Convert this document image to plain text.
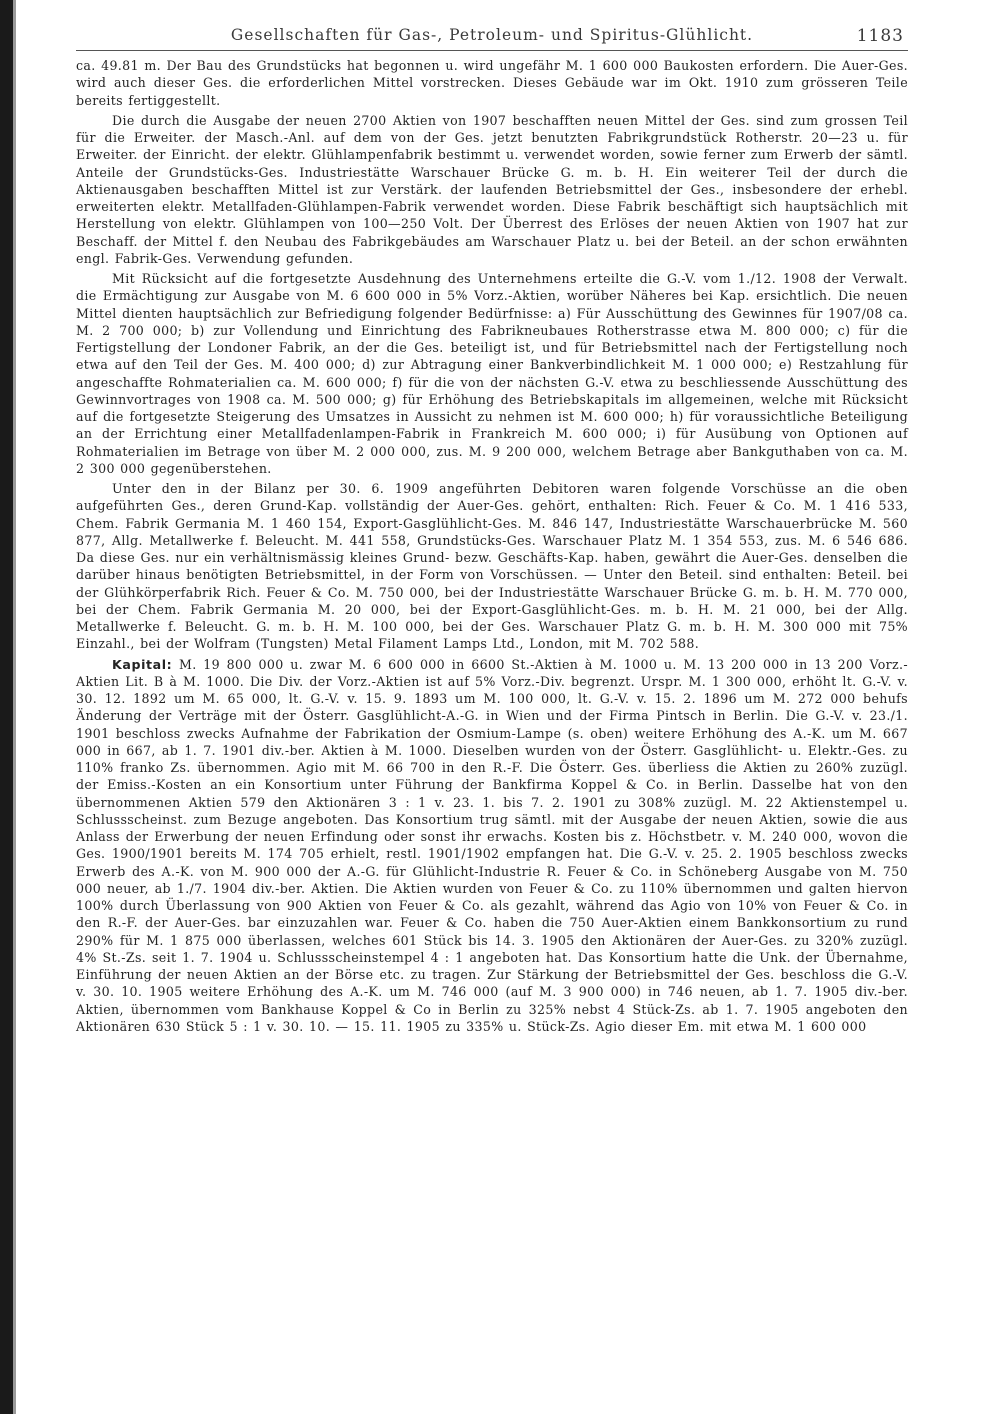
Gesellschaften für Gas-, Petroleum- und Spiritus-Glühlicht.	1183

ca. 49.81 m. Der Bau des Grundstücks hat begonnen u. wird ungefähr M. 1 600 000 Baukosten erfordern. Die Auer-Ges. wird auch dieser Ges. die erforderlichen Mittel vorstrecken. Dieses Gebäude war im Okt. 1910 zum grösseren Teile bereits fertiggestellt.

Die durch die Ausgabe der neuen 2700 Aktien von 1907 beschafften neuen Mittel der Ges. sind zum grossen Teil für die Erweiter. der Masch.-Anl. auf dem von der Ges. jetzt benutzten Fabrikgrundstück Rotherstr. 20—23 u. für Erweiter. der Einricht. der elektr. Glühlampenfabrik bestimmt u. verwendet worden, sowie ferner zum Erwerb der sämtl. Anteile der Grundstücks-Ges. Industriestätte Warschauer Brücke G. m. b. H. Ein weiterer Teil der durch die Aktienausgaben beschafften Mittel ist zur Verstärk. der laufenden Betriebsmittel der Ges., insbesondere der erhebl. erweiterten elektr. Metallfaden-Glühlampen-Fabrik verwendet worden. Diese Fabrik beschäftigt sich hauptsächlich mit Herstellung von elektr. Glühlampen von 100—250 Volt. Der Überrest des Erlöses der neuen Aktien von 1907 hat zur Beschaff. der Mittel f. den Neubau des Fabrikgebäudes am Warschauer Platz u. bei der Beteil. an der schon erwähnten engl. Fabrik-Ges. Verwendung gefunden.

Mit Rücksicht auf die fortgesetzte Ausdehnung des Unternehmens erteilte die G.-V. vom 1./12. 1908 der Verwalt. die Ermächtigung zur Ausgabe von M. 6 600 000 in 5% Vorz.-Aktien, worüber Näheres bei Kap. ersichtlich. Die neuen Mittel dienten hauptsächlich zur Befriedigung folgender Bedürfnisse: a) Für Ausschüttung des Gewinnes für 1907/08 ca. M. 2 700 000; b) zur Vollendung und Einrichtung des Fabrikneubaues Rotherstrasse etwa M. 800 000; c) für die Fertigstellung der Londoner Fabrik, an der die Ges. beteiligt ist, und für Betriebsmittel nach der Fertigstellung noch etwa auf den Teil der Ges. M. 400 000; d) zur Abtragung einer Bankverbindlichkeit M. 1 000 000; e) Restzahlung für angeschaffte Rohmaterialien ca. M. 600 000; f) für die von der nächsten G.-V. etwa zu beschliessende Ausschüttung des Gewinnvortrages von 1908 ca. M. 500 000; g) für Erhöhung des Betriebskapitals im allgemeinen, welche mit Rücksicht auf die fortgesetzte Steigerung des Umsatzes in Aussicht zu nehmen ist M. 600 000; h) für voraussichtliche Beteiligung an der Errichtung einer Metallfadenlampen-Fabrik in Frankreich M. 600 000; i) für Ausübung von Optionen auf Rohmaterialien im Betrage von über M. 2 000 000, zus. M. 9 200 000, welchem Betrage aber Bankguthaben von ca. M. 2 300 000 gegenüberstehen.

Unter den in der Bilanz per 30. 6. 1909 angeführten Debitoren waren folgende Vorschüsse an die oben aufgeführten Ges., deren Grund-Kap. vollständig der Auer-Ges. gehört, enthalten: Rich. Feuer & Co. M. 1 416 533, Chem. Fabrik Germania M. 1 460 154, Export-Gasglühlicht-Ges. M. 846 147, Industriestätte Warschauerbrücke M. 560 877, Allg. Metallwerke f. Beleucht. M. 441 558, Grundstücks-Ges. Warschauer Platz M. 1 354 553, zus. M. 6 546 686. Da diese Ges. nur ein verhältnismässig kleines Grund- bezw. Geschäfts-Kap. haben, gewährt die Auer-Ges. denselben die darüber hinaus benötigten Betriebsmittel, in der Form von Vorschüssen. — Unter den Beteil. sind enthalten: Beteil. bei der Glühkörperfabrik Rich. Feuer & Co. M. 750 000, bei der Industriestätte Warschauer Brücke G. m. b. H. M. 770 000, bei der Chem. Fabrik Germania M. 20 000, bei der Export-Gasglühlicht-Ges. m. b. H. M. 21 000, bei der Allg. Metallwerke f. Beleucht. G. m. b. H. M. 100 000, bei der Ges. Warschauer Platz G. m. b. H. M. 300 000 mit 75% Einzahl., bei der Wolfram (Tungsten) Metal Filament Lamps Ltd., London, mit M. 702 588.

Kapital: M. 19 800 000 u. zwar M. 6 600 000 in 6600 St.-Aktien à M. 1000 u. M. 13 200 000 in 13 200 Vorz.-Aktien Lit. B à M. 1000. Die Div. der Vorz.-Aktien ist auf 5% Vorz.-Div. begrenzt. Urspr. M. 1 300 000, erhöht lt. G.-V. v. 30. 12. 1892 um M. 65 000, lt. G.-V. v. 15. 9. 1893 um M. 100 000, lt. G.-V. v. 15. 2. 1896 um M. 272 000 behufs Änderung der Verträge mit der Österr. Gasglühlicht-A.-G. in Wien und der Firma Pintsch in Berlin. Die G.-V. v. 23./1. 1901 beschloss zwecks Aufnahme der Fabrikation der Osmium-Lampe (s. oben) weitere Erhöhung des A.-K. um M. 667 000 in 667, ab 1. 7. 1901 div.-ber. Aktien à M. 1000. Dieselben wurden von der Österr. Gasglühlicht- u. Elektr.-Ges. zu 110% franko Zs. übernommen. Agio mit M. 66 700 in den R.-F. Die Österr. Ges. überliess die Aktien zu 260% zuzügl. der Emiss.-Kosten an ein Konsortium unter Führung der Bankfirma Koppel & Co. in Berlin. Dasselbe hat von den übernommenen Aktien 579 den Aktionären 3 : 1 v. 23. 1. bis 7. 2. 1901 zu 308% zuzügl. M. 22 Aktienstempel u. Schlussscheinst. zum Bezuge angeboten. Das Konsortium trug sämtl. mit der Ausgabe der neuen Aktien, sowie die aus Anlass der Erwerbung der neuen Erfindung oder sonst ihr erwachs. Kosten bis z. Höchstbetr. v. M. 240 000, wovon die Ges. 1900/1901 bereits M. 174 705 erhielt, restl. 1901/1902 empfangen hat. Die G.-V. v. 25. 2. 1905 beschloss zwecks Erwerb des A.-K. von M. 900 000 der A.-G. für Glühlicht-Industrie R. Feuer & Co. in Schöneberg Ausgabe von M. 750 000 neuer, ab 1./7. 1904 div.-ber. Aktien. Die Aktien wurden von Feuer & Co. zu 110% übernommen und galten hiervon 100% durch Überlassung von 900 Aktien von Feuer & Co. als gezahlt, während das Agio von 10% von Feuer & Co. in den R.-F. der Auer-Ges. bar einzuzahlen war. Feuer & Co. haben die 750 Auer-Aktien einem Bankkonsortium zu rund 290% für M. 1 875 000 überlassen, welches 601 Stück bis 14. 3. 1905 den Aktionären der Auer-Ges. zu 320% zuzügl. 4% St.-Zs. seit 1. 7. 1904 u. Schlussscheinstempel 4 : 1 angeboten hat. Das Konsortium hatte die Unk. der Übernahme, Einführung der neuen Aktien an der Börse etc. zu tragen. Zur Stärkung der Betriebsmittel der Ges. beschloss die G.-V. v. 30. 10. 1905 weitere Erhöhung des A.-K. um M. 746 000 (auf M. 3 900 000) in 746 neuen, ab 1. 7. 1905 div.-ber. Aktien, übernommen vom Bankhause Koppel & Co in Berlin zu 325% nebst 4 Stück-Zs. ab 1. 7. 1905 angeboten den Aktionären 630 Stück 5 : 1 v. 30. 10. — 15. 11. 1905 zu 335% u. Stück-Zs. Agio dieser Em. mit etwa M. 1 600 000
